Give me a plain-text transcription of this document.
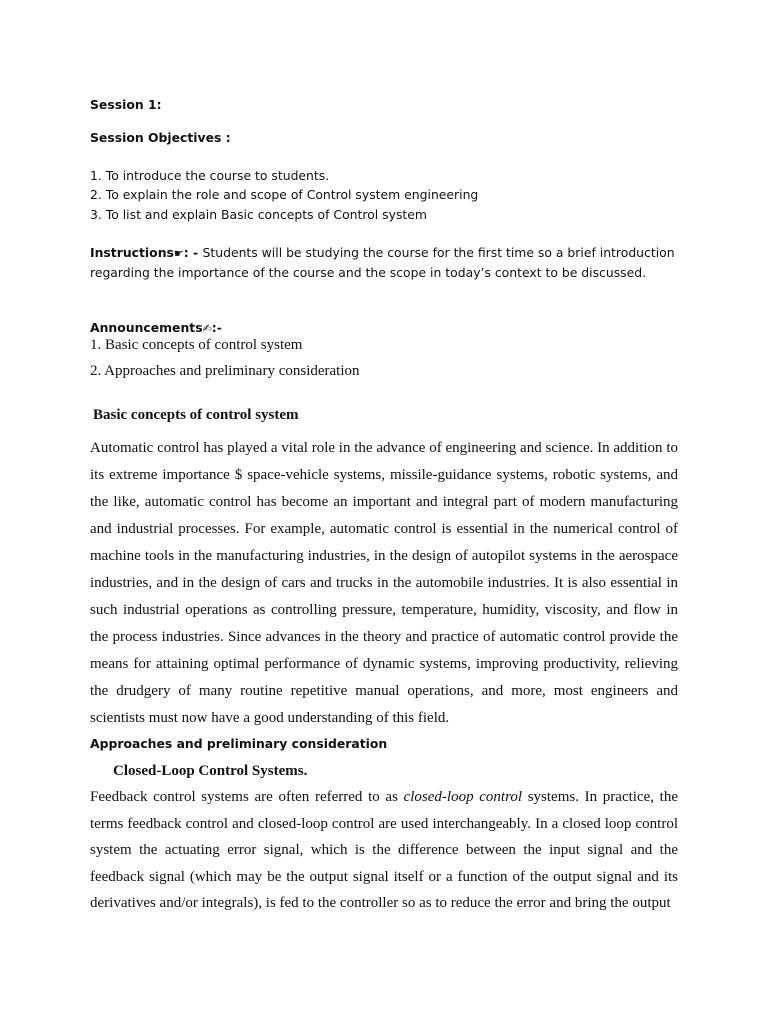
Session 1:
Session Objectives :
1. To introduce the course to students.
2. To explain the role and scope of Control system engineering
3. To list and explain Basic concepts of Control system
Instructions☛: - Students will be studying the course for the first time so a brief introduction regarding the importance of the course and the scope in today’s context to be discussed.
Announcements✍:-
1. Basic concepts of control system
2. Approaches and preliminary consideration
Basic concepts of control system
Automatic control has played a vital role in the advance of engineering and science. In addition to its extreme importance $ space-vehicle systems, missile-guidance systems, robotic systems, and the like, automatic control has become an important and integral part of modern manufacturing and industrial processes. For example, automatic control is essential in the numerical control of machine tools in the manufacturing industries, in the design of autopilot systems in the aerospace industries, and in the design of cars and trucks in the automobile industries. It is also essential in such industrial operations as controlling pressure, temperature, humidity, viscosity, and flow in the process industries. Since advances in the theory and practice of automatic control provide the means for attaining optimal performance of dynamic systems, improving productivity, relieving the drudgery of many routine repetitive manual operations, and more, most engineers and scientists must now have a good understanding of this field.
Approaches and preliminary consideration
Closed-Loop Control Systems.
Feedback control systems are often referred to as closed-loop control systems. In practice, the terms feedback control and closed-loop control are used interchangeably. In a closed loop control system the actuating error signal, which is the difference between the input signal and the feedback signal (which may be the output signal itself or a function of the output signal and its derivatives and/or integrals), is fed to the controller so as to reduce the error and bring the output
